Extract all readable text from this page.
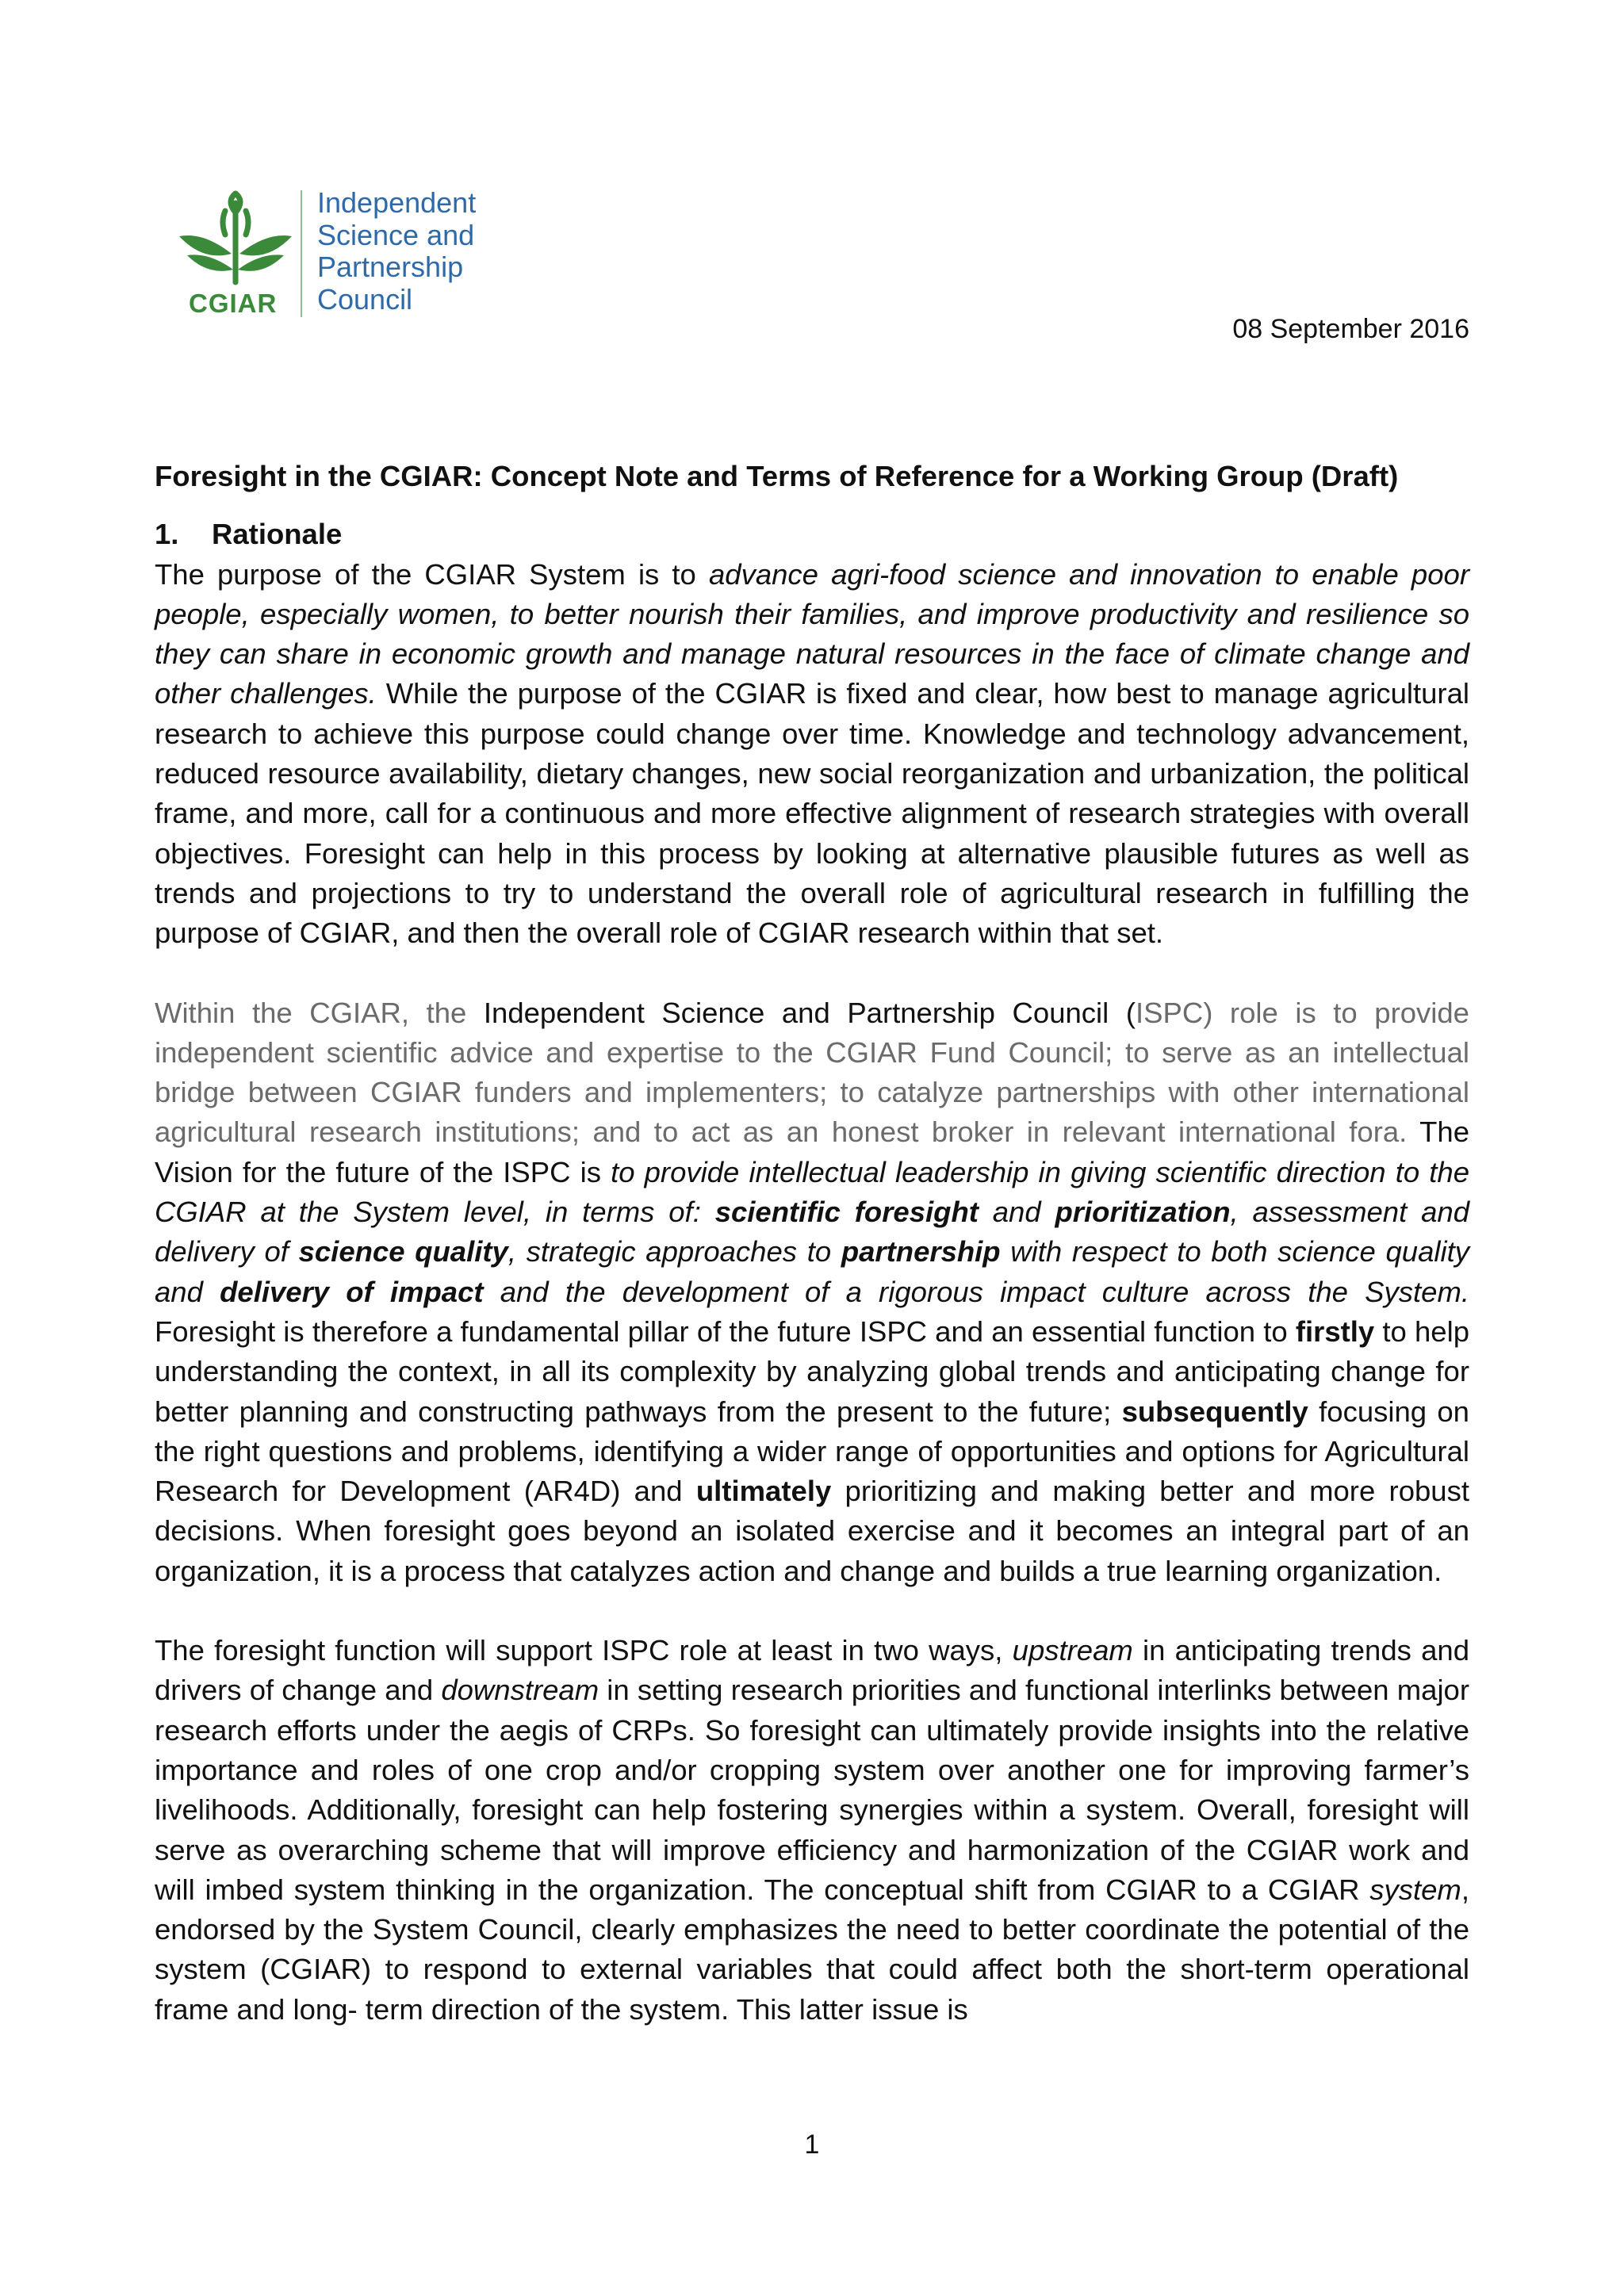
CGIAR
Independent
Science and
Partnership
Council
08 September 2016
Foresight in the CGIAR: Concept Note and Terms of Reference for a Working Group (Draft)
1. Rationale

The purpose of the CGIAR System is to advance agri-food science and innovation to enable poor people, especially women, to better nourish their families, and improve productivity and resilience so they can share in economic growth and manage natural resources in the face of climate change and other challenges. While the purpose of the CGIAR is fixed and clear, how best to manage agricultural research to achieve this purpose could change over time. Knowledge and technology advancement, reduced resource availability, dietary changes, new social reorganization and urbanization, the political frame, and more, call for a continuous and more effective alignment of research strategies with overall objectives. Foresight can help in this process by looking at alternative plausible futures as well as trends and projections to try to understand the overall role of agricultural research in fulfilling the purpose of CGIAR, and then the overall role of CGIAR research within that set.

Within the CGIAR, the Independent Science and Partnership Council (ISPC) role is to provide independent scientific advice and expertise to the CGIAR Fund Council; to serve as an intellectual bridge between CGIAR funders and implementers; to catalyze partnerships with other international agricultural research institutions; and to act as an honest broker in relevant international fora. The Vision for the future of the ISPC is to provide intellectual leadership in giving scientific direction to the CGIAR at the System level, in terms of: scientific foresight and prioritization, assessment and delivery of science quality, strategic approaches to partnership with respect to both science quality and delivery of impact and the development of a rigorous impact culture across the System. Foresight is therefore a fundamental pillar of the future ISPC and an essential function to firstly to help understanding the context, in all its complexity by analyzing global trends and anticipating change for better planning and constructing pathways from the present to the future; subsequently focusing on the right questions and problems, identifying a wider range of opportunities and options for Agricultural Research for Development (AR4D) and ultimately prioritizing and making better and more robust decisions. When foresight goes beyond an isolated exercise and it becomes an integral part of an organization, it is a process that catalyzes action and change and builds a true learning organization.

The foresight function will support ISPC role at least in two ways, upstream in anticipating trends and drivers of change and downstream in setting research priorities and functional interlinks between major research efforts under the aegis of CRPs. So foresight can ultimately provide insights into the relative importance and roles of one crop and/or cropping system over another one for improving farmer’s livelihoods. Additionally, foresight can help fostering synergies within a system. Overall, foresight will serve as overarching scheme that will improve efficiency and harmonization of the CGIAR work and will imbed system thinking in the organization. The conceptual shift from CGIAR to a CGIAR system, endorsed by the System Council, clearly emphasizes the need to better coordinate the potential of the system (CGIAR) to respond to external variables that could affect both the short-term operational frame and long- term direction of the system. This latter issue is

1
